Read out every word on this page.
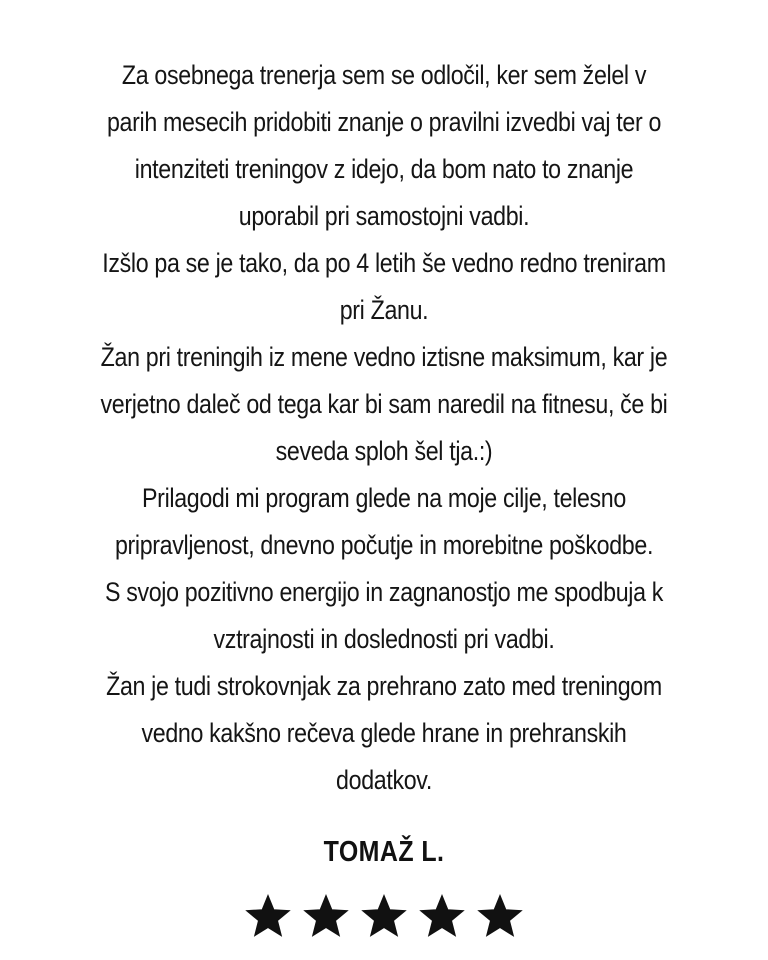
Za osebnega trenerja sem se odločil, ker sem želel v
parih mesecih pridobiti znanje o pravilni izvedbi vaj ter o
intenziteti treningov z idejo, da bom nato to znanje
uporabil pri samostojni vadbi.
Izšlo pa se je tako, da po 4 letih še vedno redno treniram
pri Žanu.
Žan pri treningih iz mene vedno iztisne maksimum, kar je
verjetno daleč od tega kar bi sam naredil na fitnesu, če bi
seveda sploh šel tja.:)
Prilagodi mi program glede na moje cilje, telesno
pripravljenost, dnevno počutje in morebitne poškodbe.
S svojo pozitivno energijo in zagnanostjo me spodbuja k
vztrajnosti in doslednosti pri vadbi.
Žan je tudi strokovnjak za prehrano zato med treningom
vedno kakšno rečeva glede hrane in prehranskih
dodatkov.
TOMAŽ L.
